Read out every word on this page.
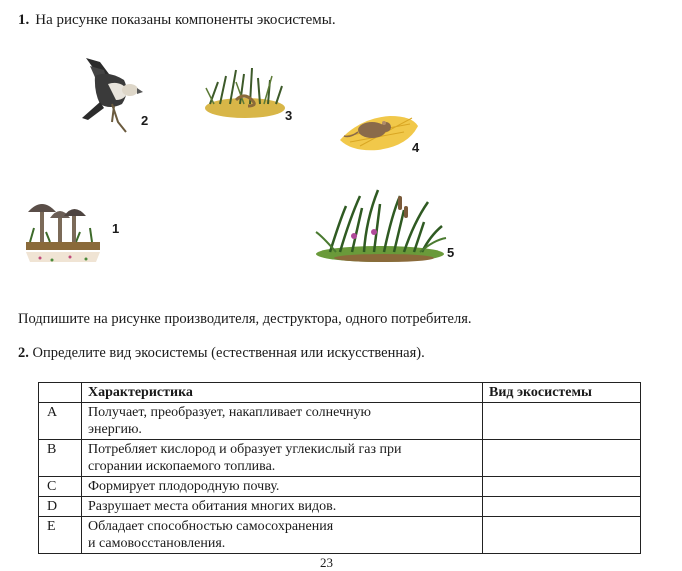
1. На рисунке показаны компоненты экосистемы.
2	3
4
1
5
Подпишите на рисунке производителя, деструктора, одного потребителя.
2. Определите вид экосистемы (естественная или искусственная).
	Характеристика	Вид экосистемы
А	Получает, преобразует, накапливает солнечную
энергию.	
В	Потребляет кислород и образует углекислый газ при
сгорании ископаемого топлива.	
С	Формирует плодородную почву.	
D	Разрушает места обитания многих видов.	
Е	Обладает способностью самосохранения
и самовосстановления.	
23
